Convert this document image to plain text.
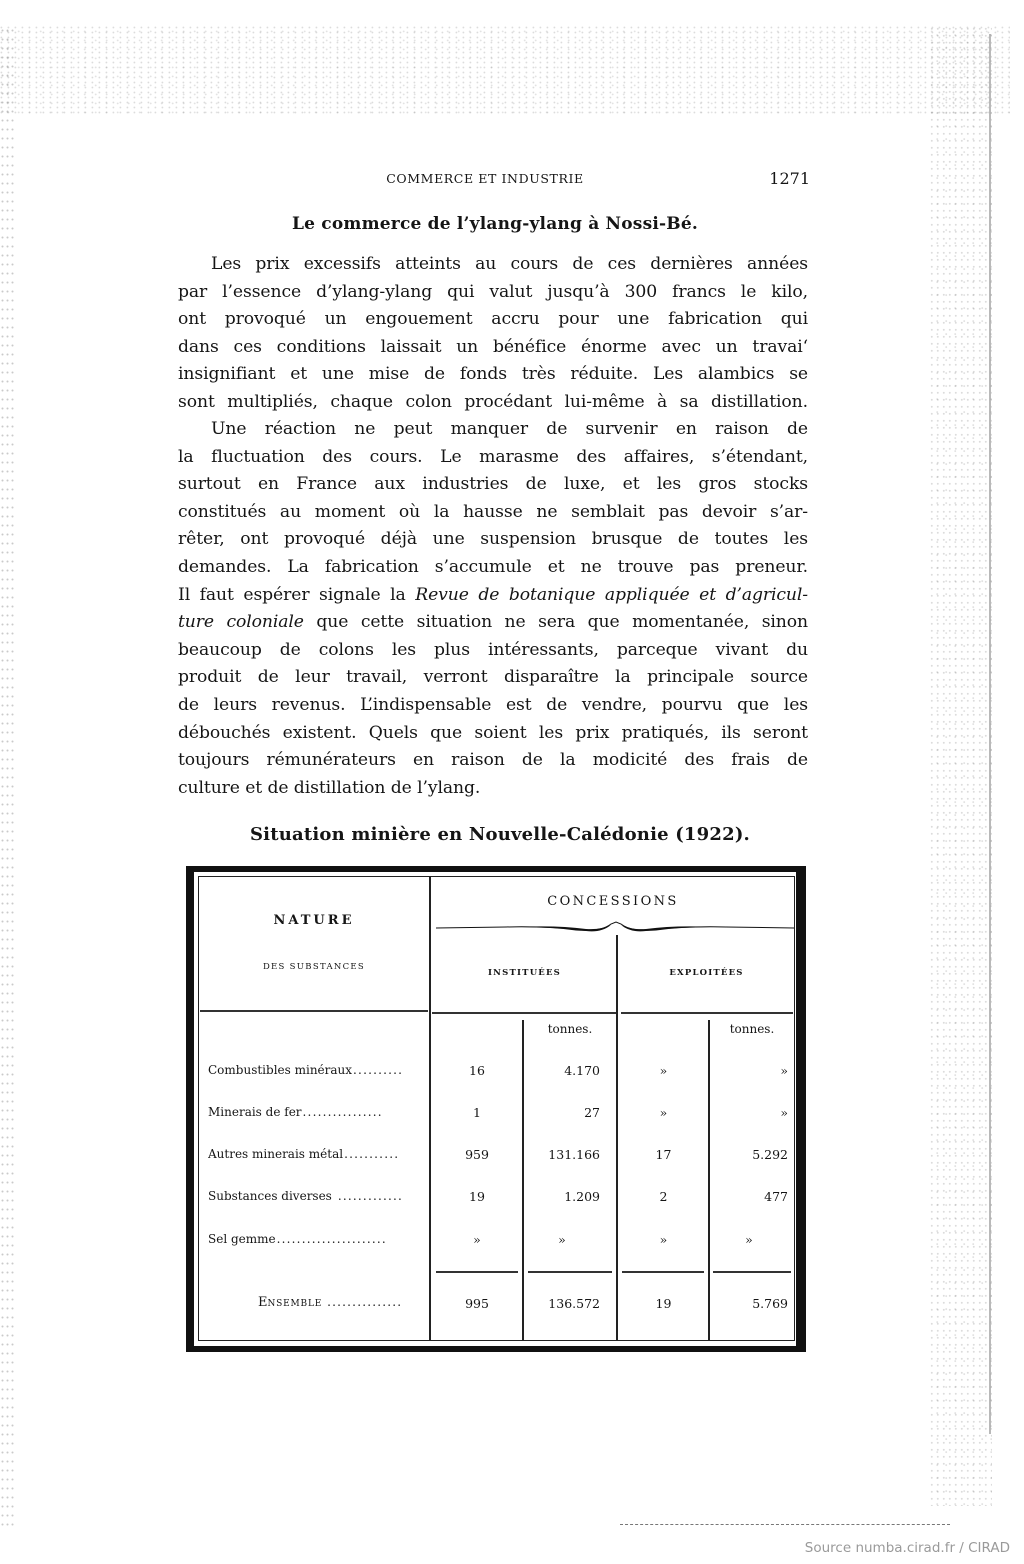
COMMERCE ET INDUSTRIE	1271
Le commerce de l’ylang-ylang à Nossi-Bé.
Les prix excessifs atteints au cours de ces dernières années
par l’essence d’ylang-ylang qui valut jusqu’à 300 francs le kilo,
ont provoqué un engouement accru pour une fabrication qui
dans ces conditions laissait un bénéfice énorme avec un travai‘
insignifiant et une mise de fonds très réduite. Les alambics se
sont multipliés, chaque colon procédant lui-même à sa distillation.
Une réaction ne peut manquer de survenir en raison de
la fluctuation des cours. Le marasme des affaires, s’étendant,
surtout en France aux industries de luxe, et les gros stocks
constitués au moment où la hausse ne semblait pas devoir s’ar-
rêter, ont provoqué déjà une suspension brusque de toutes les
demandes. La fabrication s’accumule et ne trouve pas preneur.
Il faut espérer signale la Revue de botanique appliquée et d’agricul-
ture coloniale que cette situation ne sera que momentanée, sinon
beaucoup de colons les plus intéressants, parceque vivant du
produit de leur travail, verront disparaître la principale source
de leurs revenus. L’indispensable est de vendre, pourvu que les
débouchés existent. Quels que soient les prix pratiqués, ils seront
toujours rémunérateurs en raison de la modicité des frais de
culture et de distillation de l’ylang.
Situation minière en Nouvelle-Calédonie (1922).
NATURE
DES SUBSTANCES
CONCESSIONS
INSTITUÉES	EXPLOITÉES
tonnes.	tonnes.
Combustibles minéraux..........	16	4.170	»	»
Minerais de fer................	1	27	»	»
Autres minerais métal...........	959	131.166	17	5.292
Substances diverses .............	19	1.209	2	477
Sel gemme......................	»	»	»	»
ENSEMBLE ...............	995	136.572	19	5.769
Source numba.cirad.fr / CIRAD
